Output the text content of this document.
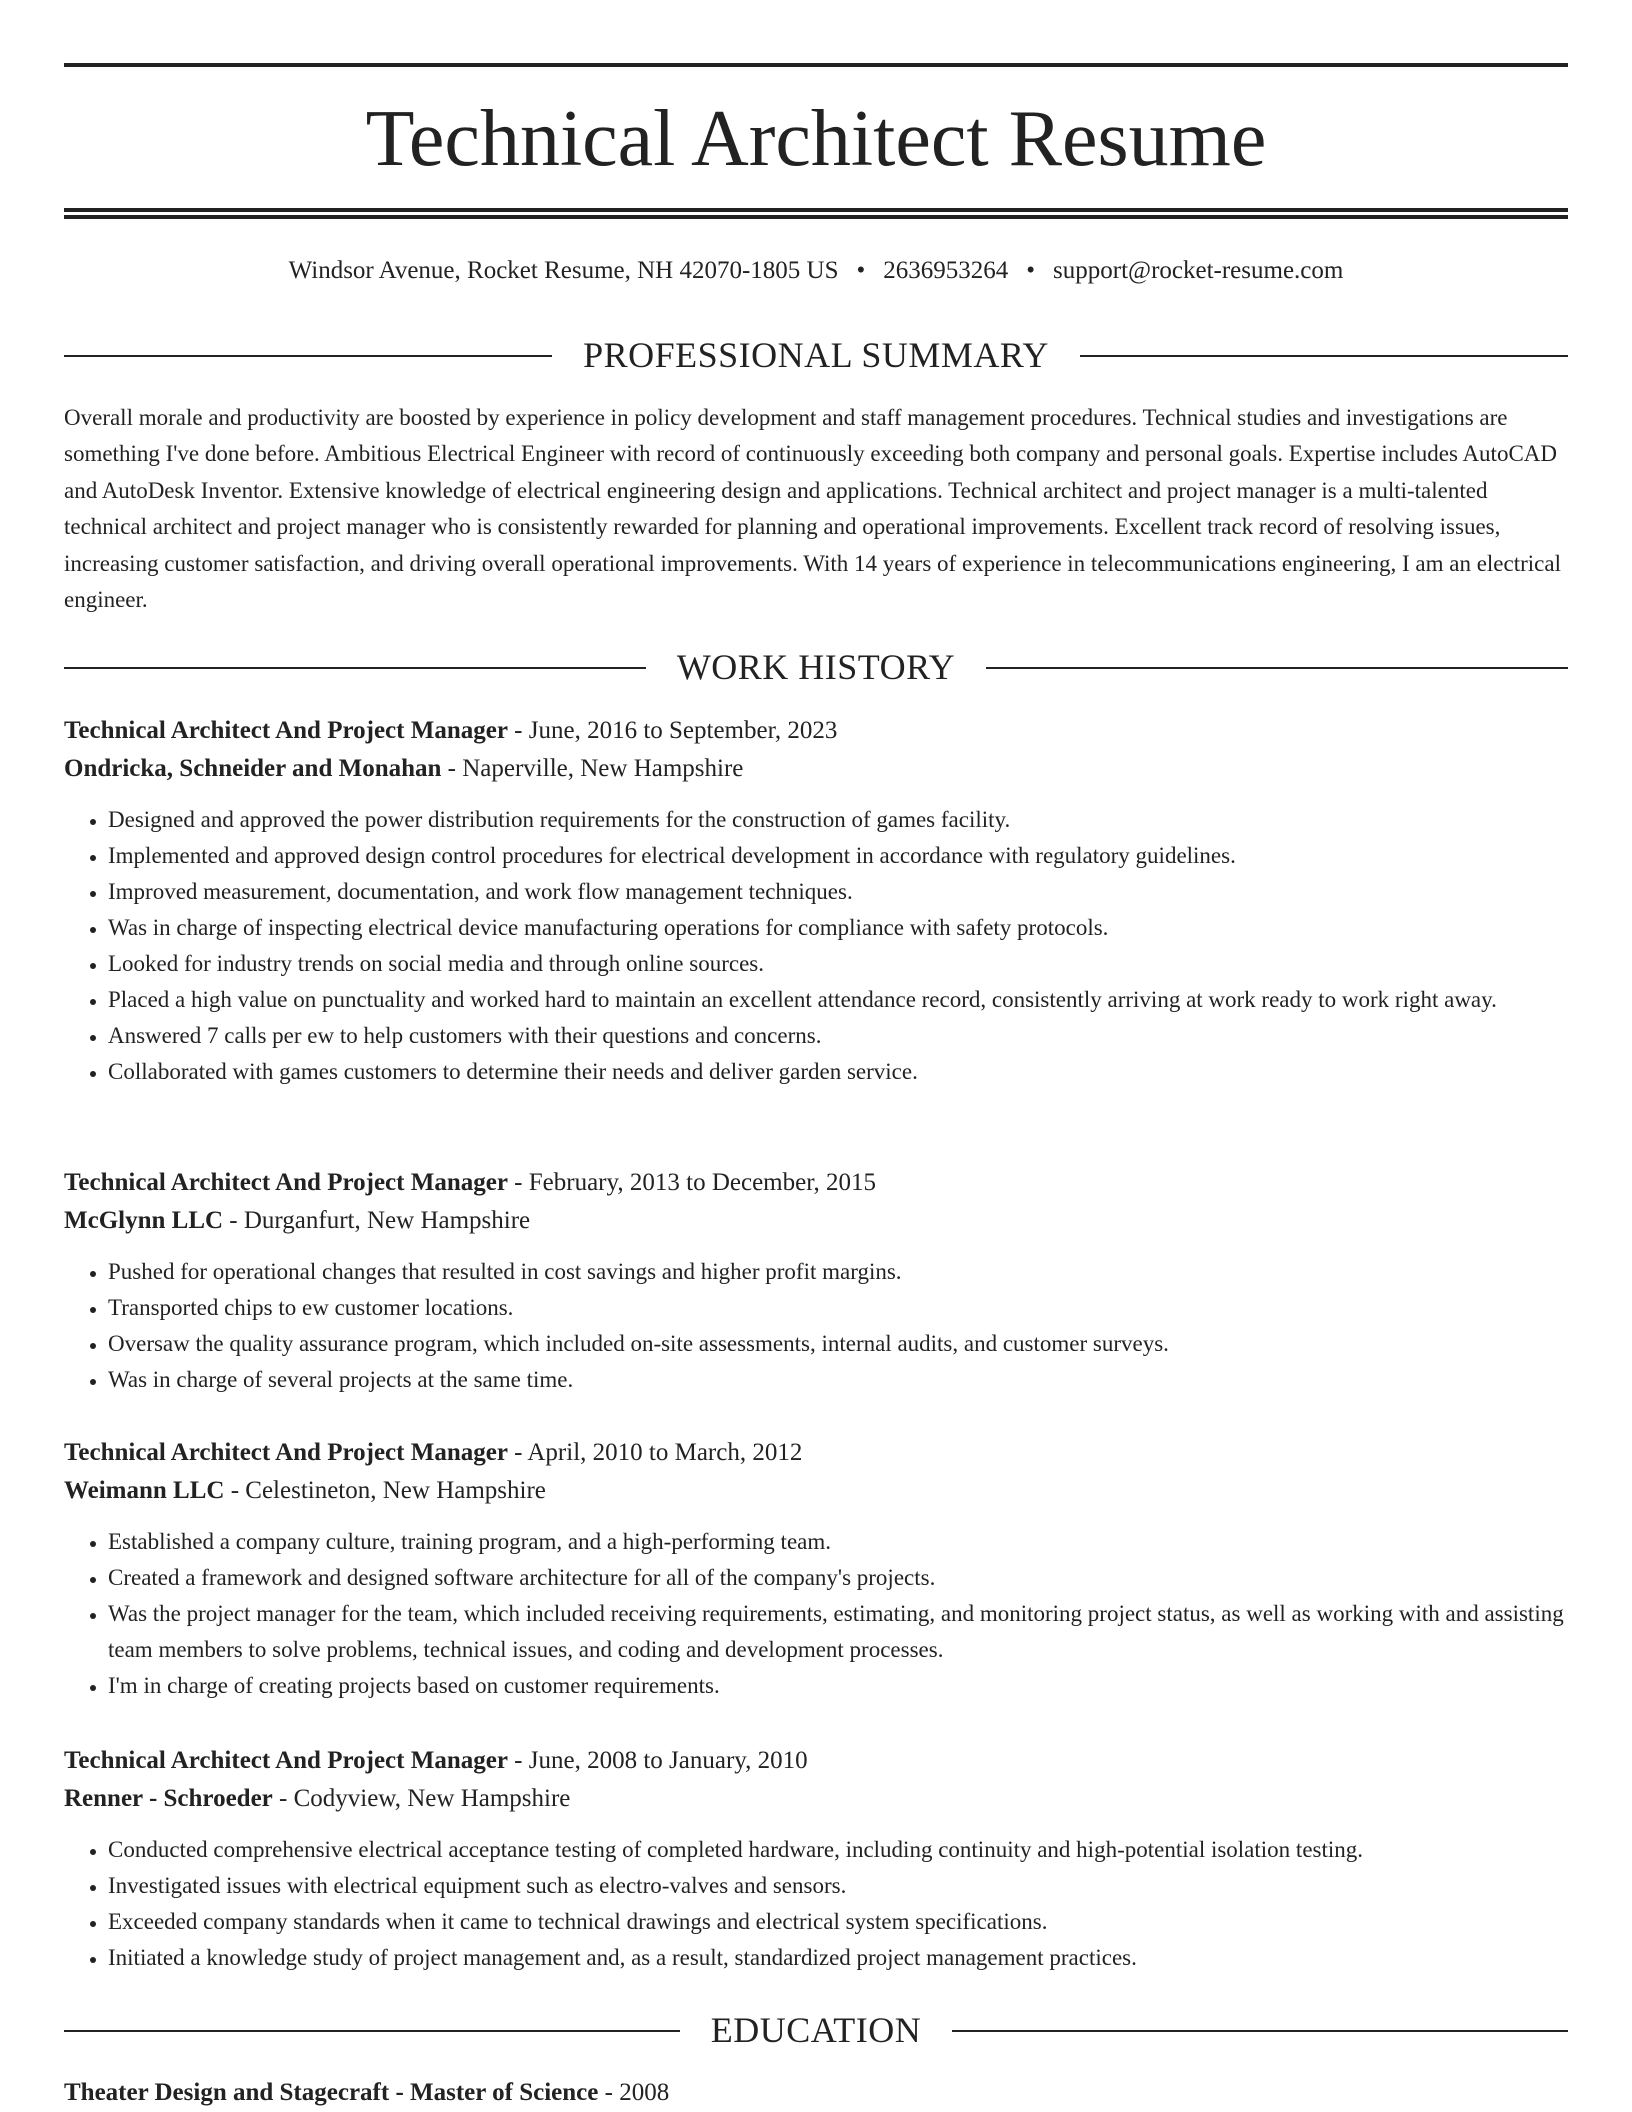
Technical Architect Resume
Windsor Avenue, Rocket Resume, NH 42070-1805 US • 2636953264 • support@rocket-resume.com
PROFESSIONAL SUMMARY

Overall morale and productivity are boosted by experience in policy development and staff management procedures. Technical studies and investigations are something I've done before. Ambitious Electrical Engineer with record of continuously exceeding both company and personal goals. Expertise includes AutoCAD and AutoDesk Inventor. Extensive knowledge of electrical engineering design and applications. Technical architect and project manager is a multi-talented technical architect and project manager who is consistently rewarded for planning and operational improvements. Excellent track record of resolving issues, increasing customer satisfaction, and driving overall operational improvements. With 14 years of experience in telecommunications engineering, I am an electrical engineer.

WORK HISTORY
Technical Architect And Project Manager - June, 2016 to September, 2023
Ondricka, Schneider and Monahan - Naperville, New Hampshire
• Designed and approved the power distribution requirements for the construction of games facility.
• Implemented and approved design control procedures for electrical development in accordance with regulatory guidelines.
• Improved measurement, documentation, and work flow management techniques.
• Was in charge of inspecting electrical device manufacturing operations for compliance with safety protocols.
• Looked for industry trends on social media and through online sources.
• Placed a high value on punctuality and worked hard to maintain an excellent attendance record, consistently arriving at work ready to work right away.
• Answered 7 calls per ew to help customers with their questions and concerns.
• Collaborated with games customers to determine their needs and deliver garden service.
Technical Architect And Project Manager - February, 2013 to December, 2015
McGlynn LLC - Durganfurt, New Hampshire
• Pushed for operational changes that resulted in cost savings and higher profit margins.
• Transported chips to ew customer locations.
• Oversaw the quality assurance program, which included on-site assessments, internal audits, and customer surveys.
• Was in charge of several projects at the same time.
Technical Architect And Project Manager - April, 2010 to March, 2012
Weimann LLC - Celestineton, New Hampshire
• Established a company culture, training program, and a high-performing team.
• Created a framework and designed software architecture for all of the company's projects.
• Was the project manager for the team, which included receiving requirements, estimating, and monitoring project status, as well as working with and assisting team members to solve problems, technical issues, and coding and development processes.
• I'm in charge of creating projects based on customer requirements.
Technical Architect And Project Manager - June, 2008 to January, 2010
Renner - Schroeder - Codyview, New Hampshire
• Conducted comprehensive electrical acceptance testing of completed hardware, including continuity and high-potential isolation testing.
• Investigated issues with electrical equipment such as electro-valves and sensors.
• Exceeded company standards when it came to technical drawings and electrical system specifications.
• Initiated a knowledge study of project management and, as a result, standardized project management practices.
EDUCATION
Theater Design and Stagecraft - Master of Science - 2008
